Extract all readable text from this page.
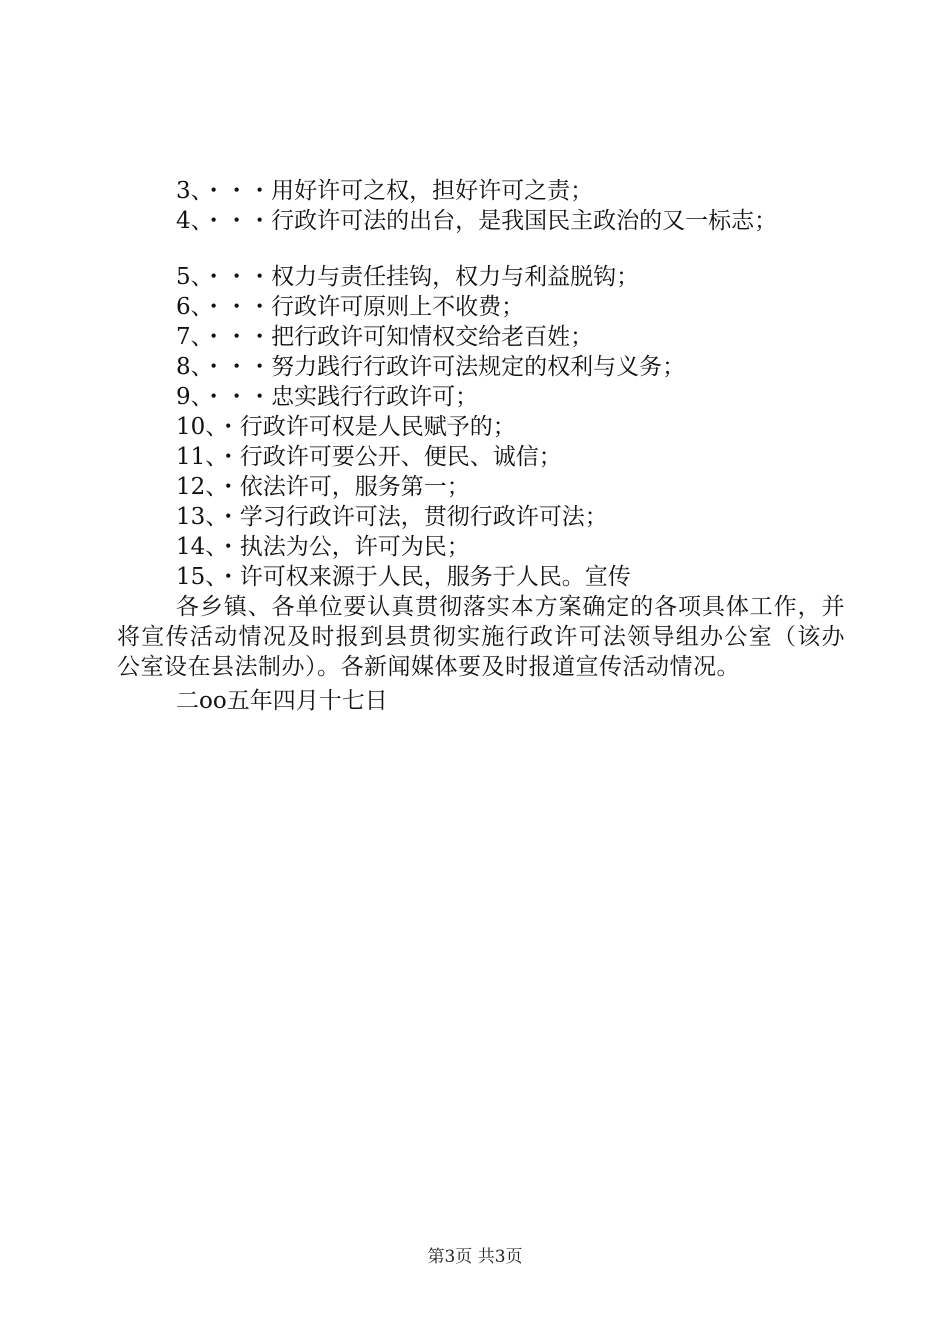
3、・・・用好许可之权，担好许可之责；
4、・・・行政许可法的出台，是我国民主政治的又一标志；
5、・・・权力与责任挂钩，权力与利益脱钩；
6、・・・行政许可原则上不收费；
7、・・・把行政许可知情权交给老百姓；
8、・・・努力践行行政许可法规定的权利与义务；
9、・・・忠实践行行政许可；
10、・行政许可权是人民赋予的；
11、・行政许可要公开、便民、诚信；
12、・依法许可，服务第一；
13、・学习行政许可法，贯彻行政许可法；
14、・执法为公，许可为民；
15、・许可权来源于人民，服务于人民。宣传

各乡镇、各单位要认真贯彻落实本方案确定的各项具体工作，并将宣传活动情况及时报到县贯彻实施行政许可法领导组办公室（该办公室设在县法制办）。各新闻媒体要及时报道宣传活动情况。

二oo五年四月十七日
第3页 共3页
